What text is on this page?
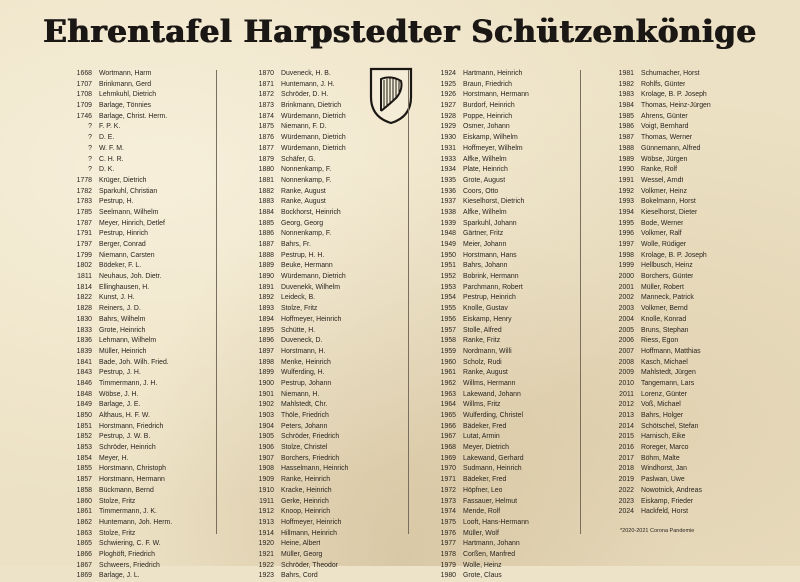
Ehrentafel Harpstedter Schützenkönige
1668	Wortmann, Harm
1707	Brinkmann, Gerd
1708	Lehmkuhl, Dietrich
1709	Barlage, Tönnies
1746	Barlage, Christ. Herm.
?	F. P. K.
?	D. E.
?	W. F. M.
?	C. H. R.
?	D. K.
1778	Krüger, Dietrich
1782	Sparkuhl, Christian
1783	Pestrup, H.
1785	Seelmann, Wilhelm
1787	Meyer, Hinrich, Detlef
1791	Pestrup, Hinrich
1797	Berger, Conrad
1799	Niemann, Carsten
1802	Bödeker, F. L.
1811	Neuhaus, Joh. Dietr.
1814	Ellinghausen, H.
1822	Kunst, J. H.
1828	Reiners, J. D.
1830	Bahrs, Wilhelm
1833	Grote, Heinrich
1836	Lehmann, Wilhelm
1839	Müller, Heinrich
1841	Bade, Joh. Wilh. Fried.
1843	Pestrup, J. H.
1846	Timmermann, J. H.
1848	Wöbse, J. H.
1849	Barlage, J. E.
1850	Althaus, H. F. W.
1851	Horstmann, Friedrich
1852	Pestrup, J. W. B.
1853	Schröder, Heinrich
1854	Meyer, H.
1855	Horstmann, Christoph
1857	Horstmann, Hermann
1858	Bückmann, Bernd
1860	Stolze, Fritz
1861	Timmermann, J. K.
1862	Huntemann, Joh. Herm.
1863	Stolze, Fritz
1865	Schwiering, C. F. W.
1866	Ploghöft, Friedrich
1867	Schweers, Friedrich
1869	Barlage, J. L.
1870	Duveneck, H. B.
1871	Huntemann, J. H.
1872	Schröder, D. H.
1873	Brinkmann, Dietrich
1874	Würdemann, Dietrich
1875	Niemann, F. D.
1876	Würdemann, Dietrich
1877	Würdemann, Dietrich
1879	Schäfer, G.
1880	Nonnenkamp, F.
1881	Nonnenkamp, F.
1882	Ranke, August
1883	Ranke, August
1884	Bockhorst, Heinrich
1885	Georg, Georg
1886	Nonnenkamp, F.
1887	Bahrs, Fr.
1888	Pestrup, H. H.
1889	Beuke, Hermann
1890	Würdemann, Dietrich
1891	Duvenekk, Wilhelm
1892	Leideck, B.
1893	Stolze, Fritz
1894	Hoffmeyer, Heinrich
1895	Schütte, H.
1896	Duveneck, D.
1897	Horstmann, H.
1898	Menke, Heinrich
1899	Wulferding, H.
1900	Pestrup, Johann
1901	Niemann, H.
1902	Mahlstedt, Chr.
1903	Thöle, Friedrich
1904	Peters, Johann
1905	Schröder, Friedrich
1906	Stolze, Christel
1907	Borchers, Friedrich
1908	Hasselmann, Heinrich
1909	Ranke, Heinrich
1910	Kracke, Heinrich
1911	Gerke, Heinrich
1912	Knoop, Heinrich
1913	Hoffmeyer, Heinrich
1914	Hillmann, Heinrich
1920	Heine, Albert
1921	Müller, Georg
1922	Schröder, Theodor
1923	Bahrs, Cord
1924	Hartmann, Heinrich
1925	Braun, Friedrich
1926	Horstmann, Hermann
1927	Burdorf, Heinrich
1928	Poppe, Heinrich
1929	Osmer, Johann
1930	Eiskamp, Wilhelm
1931	Hoffmeyer, Wilhelm
1933	Alfke, Wilhelm
1934	Plate, Heinrich
1935	Grote, August
1936	Coors, Otto
1937	Kieselhorst, Dietrich
1938	Alfke, Wilhelm
1939	Sparkuhl, Johann
1948	Gärtner, Fritz
1949	Meier, Johann
1950	Horstmann, Hans
1951	Bahrs, Johann
1952	Bobrink, Hermann
1953	Parchmann, Robert
1954	Pestrup, Heinrich
1955	Knolle, Gustav
1956	Eiskamp, Henry
1957	Stolle, Alfred
1958	Ranke, Fritz
1959	Nordmann, Willi
1960	Scholz, Rudi
1961	Ranke, August
1962	Willms, Hermann
1963	Lakewand, Johann
1964	Willms, Fritz
1965	Wulferding, Christel
1966	Bädeker, Fred
1967	Lutat, Armin
1968	Meyer, Dietrich
1969	Lakewand, Gerhard
1970	Sudmann, Heinrich
1971	Bädeker, Fred
1972	Höpfner, Leo
1973	Fassauer, Helmut
1974	Mende, Rolf
1975	Looft, Hans-Hermann
1976	Müller, Wolf
1977	Hartmann, Johann
1978	Corßen, Manfred
1979	Wolle, Heinz
1980	Grote, Claus
1981	Schumacher, Horst
1982	Rohlfs, Günter
1983	Krolage, B. P. Joseph
1984	Thomas, Heinz-Jürgen
1985	Ahrens, Günter
1986	Voigt, Bernhard
1987	Thomas, Werner
1988	Günnemann, Alfred
1989	Wöbse, Jürgen
1990	Ranke, Rolf
1991	Wessel, Arndt
1992	Volkmer, Heinz
1993	Bokelmann, Horst
1994	Kieselhorst, Dieter
1995	Bode, Werner
1996	Volkmer, Ralf
1997	Wolle, Rüdiger
1998	Krolage, B. P. Joseph
1999	Hellbusch, Heinz
2000	Borchers, Günter
2001	Müller, Robert
2002	Manneck, Patrick
2003	Volkmer, Bernd
2004	Knolle, Konrad
2005	Bruns, Stephan
2006	Riess, Egon
2007	Hoffmann, Matthias
2008	Kasch, Michael
2009	Mahlstedt, Jürgen
2010	Tangemann, Lars
2011	Lorenz, Günter
2012	Voß, Michael
2013	Bahrs, Holger
2014	Schötschel, Stefan
2015	Harnisch, Eike
2016	Roreger, Marco
2017	Böhm, Malte
2018	Windhorst, Jan
2019	Paslwan, Uwe
2022	Nowotnick, Andreas
2023	Eiskamp, Frieder
2024	Hackfeld, Horst
*2020-2021 Corona Pandemie
